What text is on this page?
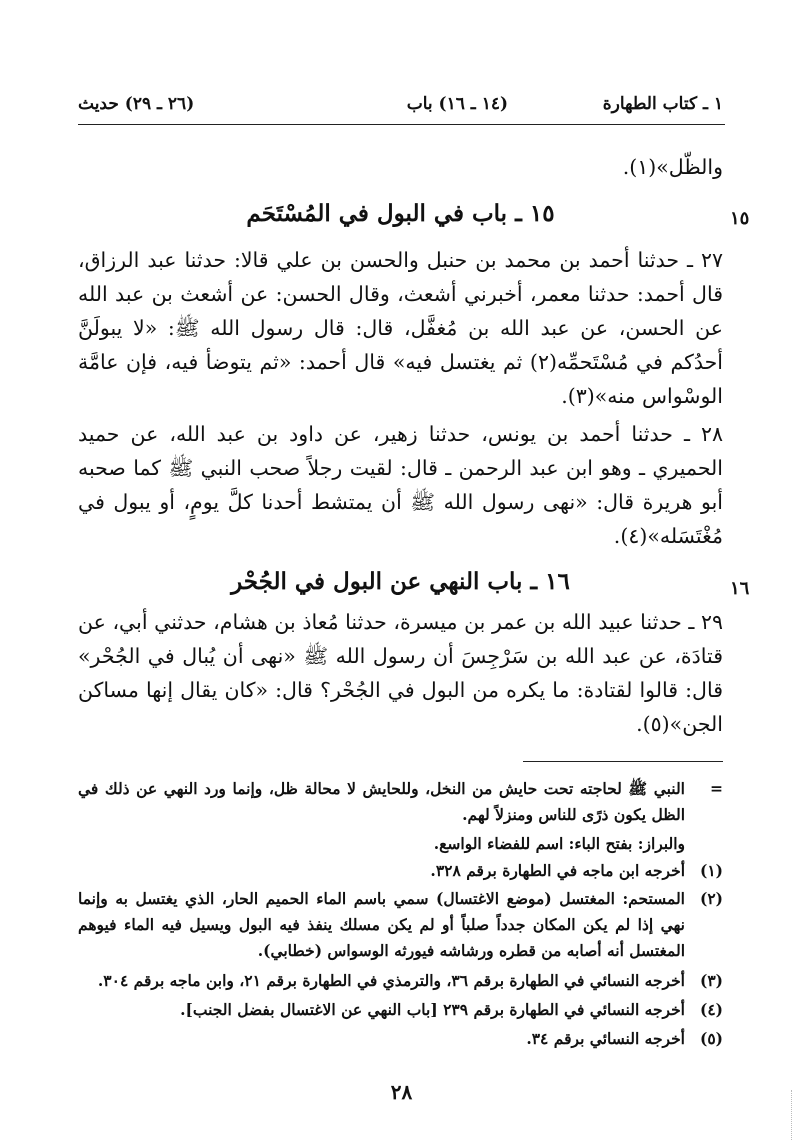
١ ـ كتاب الطهارة
(١٤ ـ ١٦) باب
(٢٦ ـ ٢٩) حديث
والظّل»(١).
١٥
١٥ ـ باب في البول في المُسْتَحَم
٢٧ ـ حدثنا أحمد بن محمد بن حنبل والحسن بن علي قالا: حدثنا عبد الرزاق، قال أحمد: حدثنا معمر، أخبرني أشعث، وقال الحسن: عن أشعث بن عبد الله عن الحسن، عن عبد الله بن مُغفَّل، قال: قال رسول الله ﷺ: «لا يبولَنَّ أحدُكم في مُسْتَحمِّه(٢) ثم يغتسل فيه» قال أحمد: «ثم يتوضأ فيه، فإن عامَّة الوسْواس منه»(٣).
٢٨ ـ حدثنا أحمد بن يونس، حدثنا زهير، عن داود بن عبد الله، عن حميد الحميري ـ وهو ابن عبد الرحمن ـ قال: لقيت رجلاً صحب النبي ﷺ كما صحبه أبو هريرة قال: «نهى رسول الله ﷺ أن يمتشط أحدنا كلَّ يومٍ، أو يبول في مُغْتَسَله»(٤).
١٦
١٦ ـ باب النهي عن البول في الجُحْر
٢٩ ـ حدثنا عبيد الله بن عمر بن ميسرة، حدثنا مُعاذ بن هشام، حدثني أبي، عن قتادَة، عن عبد الله بن سَرْجِسَ أن رسول الله ﷺ «نهى أن يُبال في الجُحْر» قال: قالوا لقتادة: ما يكره من البول في الجُحْر؟ قال: «كان يقال إنها مساكن الجن»(٥).
=
النبي ﷺ لحاجته تحت حايش من النخل، وللحايش لا محالة ظل، وإنما ورد النهي عن ذلك في الظل يكون ذرًى للناس ومنزلاً لهم.
والبراز: بفتح الباء: اسم للفضاء الواسع.
(١)
أخرجه ابن ماجه في الطهارة برقم ٣٢٨.
(٢)
المستحم: المغتسل (موضع الاغتسال) سمي باسم الماء الحميم الحار، الذي يغتسل به وإنما نهي إذا لم يكن المكان جدداً صلباً أو لم يكن مسلك ينفذ فيه البول ويسيل فيه الماء فيوهم المغتسل أنه أصابه من قطره ورشاشه فيورثه الوسواس (خطابي).
(٣)
أخرجه النسائي في الطهارة برقم ٣٦، والترمذي في الطهارة برقم ٢١، وابن ماجه برقم ٣٠٤.
(٤)
أخرجه النسائي في الطهارة برقم ٢٣٩ [باب النهي عن الاغتسال بفضل الجنب].
(٥)
أخرجه النسائي برقم ٣٤.
٢٨
